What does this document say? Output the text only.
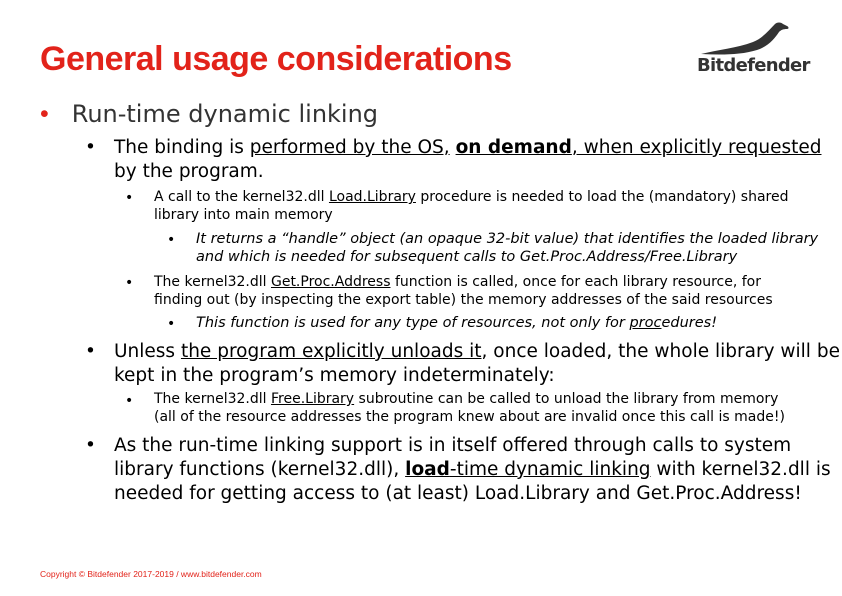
General usage considerations	Bitdefender
• Run-time dynamic linking
• The binding is performed by the OS, on demand, when explicitly requested
by the program.
• A call to the kernel32.dll Load.Library procedure is needed to load the (mandatory) shared
library into main memory
• It returns a “handle” object (an opaque 32-bit value) that identifies the loaded library
and which is needed for subsequent calls to Get.Proc.Address/Free.Library
• The kernel32.dll Get.Proc.Address function is called, once for each library resource, for
finding out (by inspecting the export table) the memory addresses of the said resources
• This function is used for any type of resources, not only for procedures!
• Unless the program explicitly unloads it, once loaded, the whole library will be
kept in the program’s memory indeterminately:
• The kernel32.dll Free.Library subroutine can be called to unload the library from memory
(all of the resource addresses the program knew about are invalid once this call is made!)
• As the run-time linking support is in itself offered through calls to system
library functions (kernel32.dll), load-time dynamic linking with kernel32.dll is
needed for getting access to (at least) Load.Library and Get.Proc.Address!
Copyright © Bitdefender 2017-2019 / www.bitdefender.com
